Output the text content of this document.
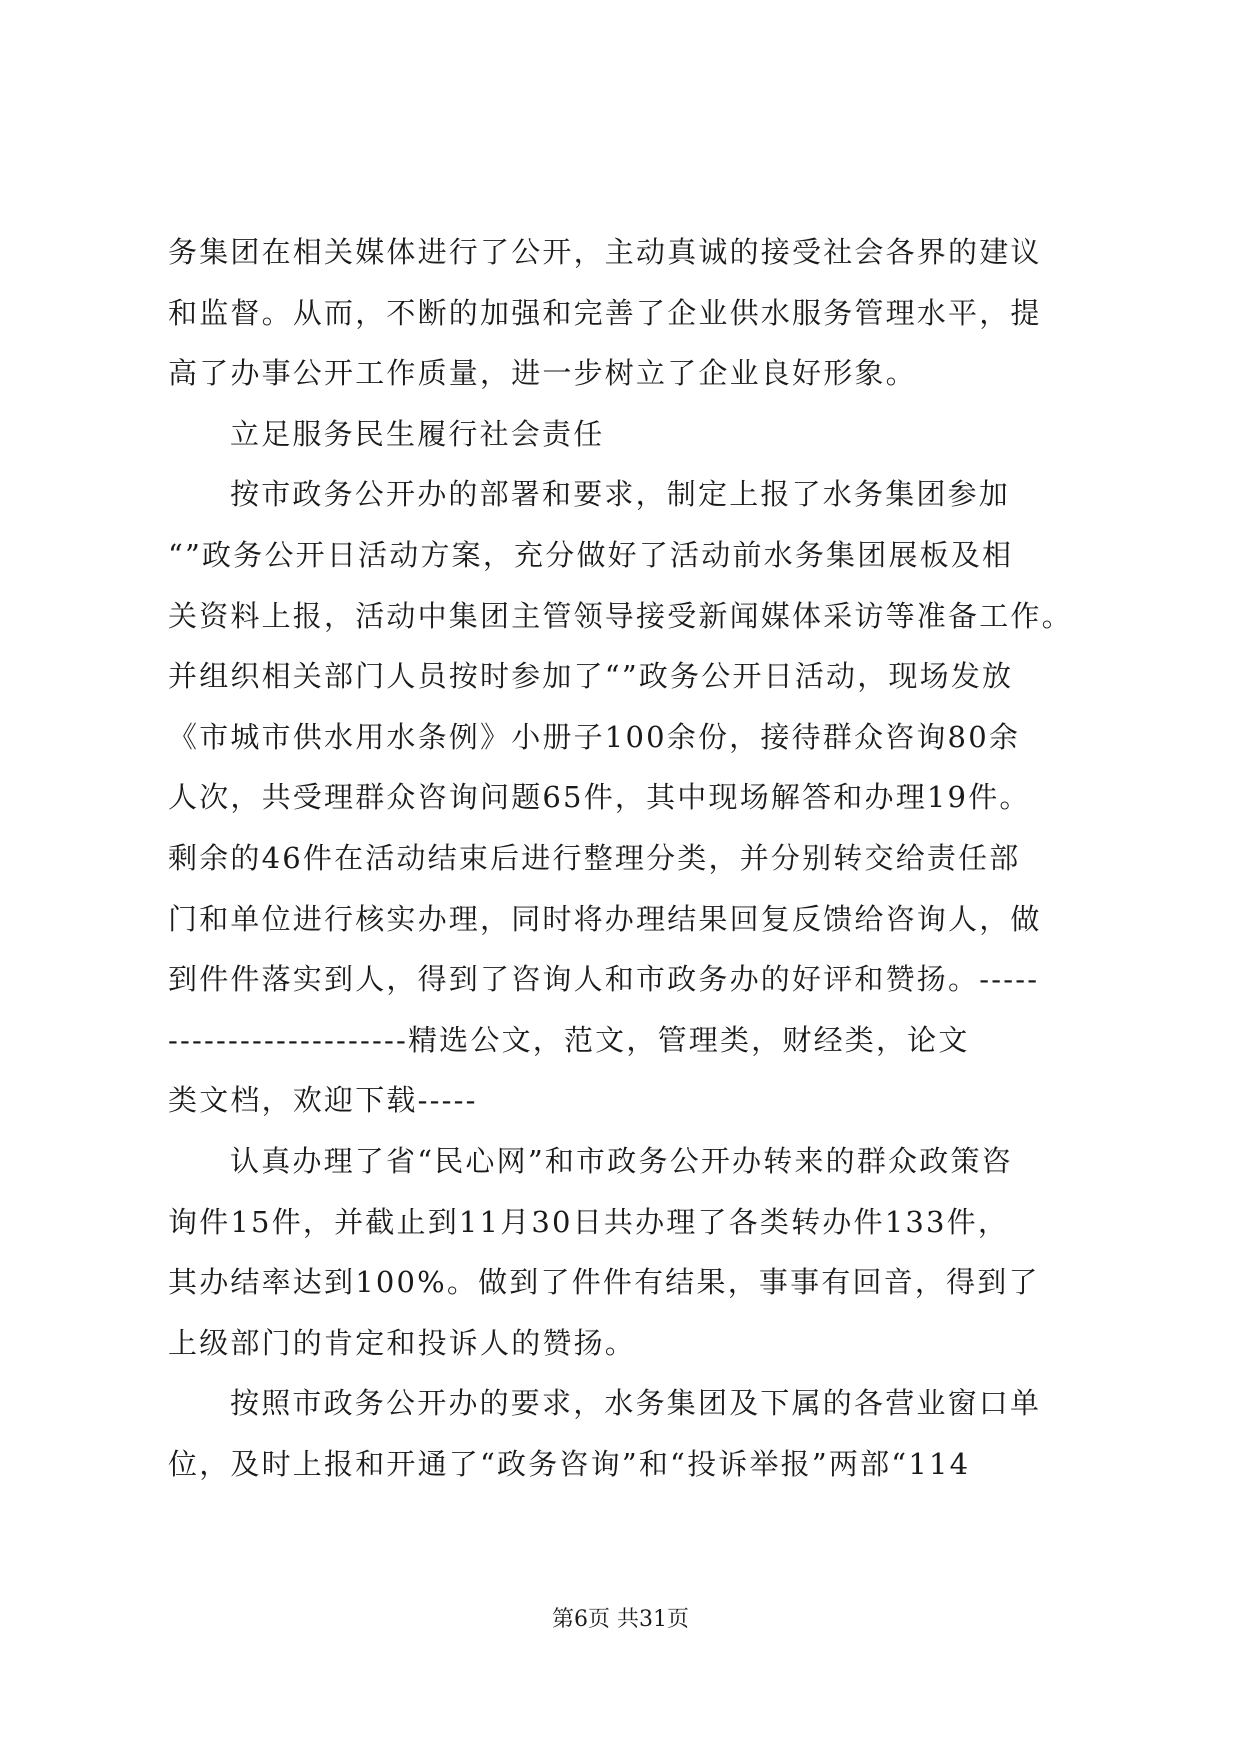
务集团在相关媒体进行了公开，主动真诚的接受社会各界的建议
和监督。从而，不断的加强和完善了企业供水服务管理水平，提
高了办事公开工作质量，进一步树立了企业良好形象。
立足服务民生履行社会责任
按市政务公开办的部署和要求，制定上报了水务集团参加
“”政务公开日活动方案，充分做好了活动前水务集团展板及相
关资料上报，活动中集团主管领导接受新闻媒体采访等准备工作。
并组织相关部门人员按时参加了“”政务公开日活动，现场发放
《市城市供水用水条例》小册子100余份，接待群众咨询80余
人次，共受理群众咨询问题65件，其中现场解答和办理19件。
剩余的46件在活动结束后进行整理分类，并分别转交给责任部
门和单位进行核实办理，同时将办理结果回复反馈给咨询人，做
到件件落实到人，得到了咨询人和市政务办的好评和赞扬。-----
--------------------精选公文，范文，管理类，财经类，论文
类文档，欢迎下载-----
认真办理了省“民心网”和市政务公开办转来的群众政策咨
询件15件，并截止到11月30日共办理了各类转办件133件，
其办结率达到100%。做到了件件有结果，事事有回音，得到了
上级部门的肯定和投诉人的赞扬。
按照市政务公开办的要求，水务集团及下属的各营业窗口单
位，及时上报和开通了“政务咨询”和“投诉举报”两部“114
第6页 共31页
